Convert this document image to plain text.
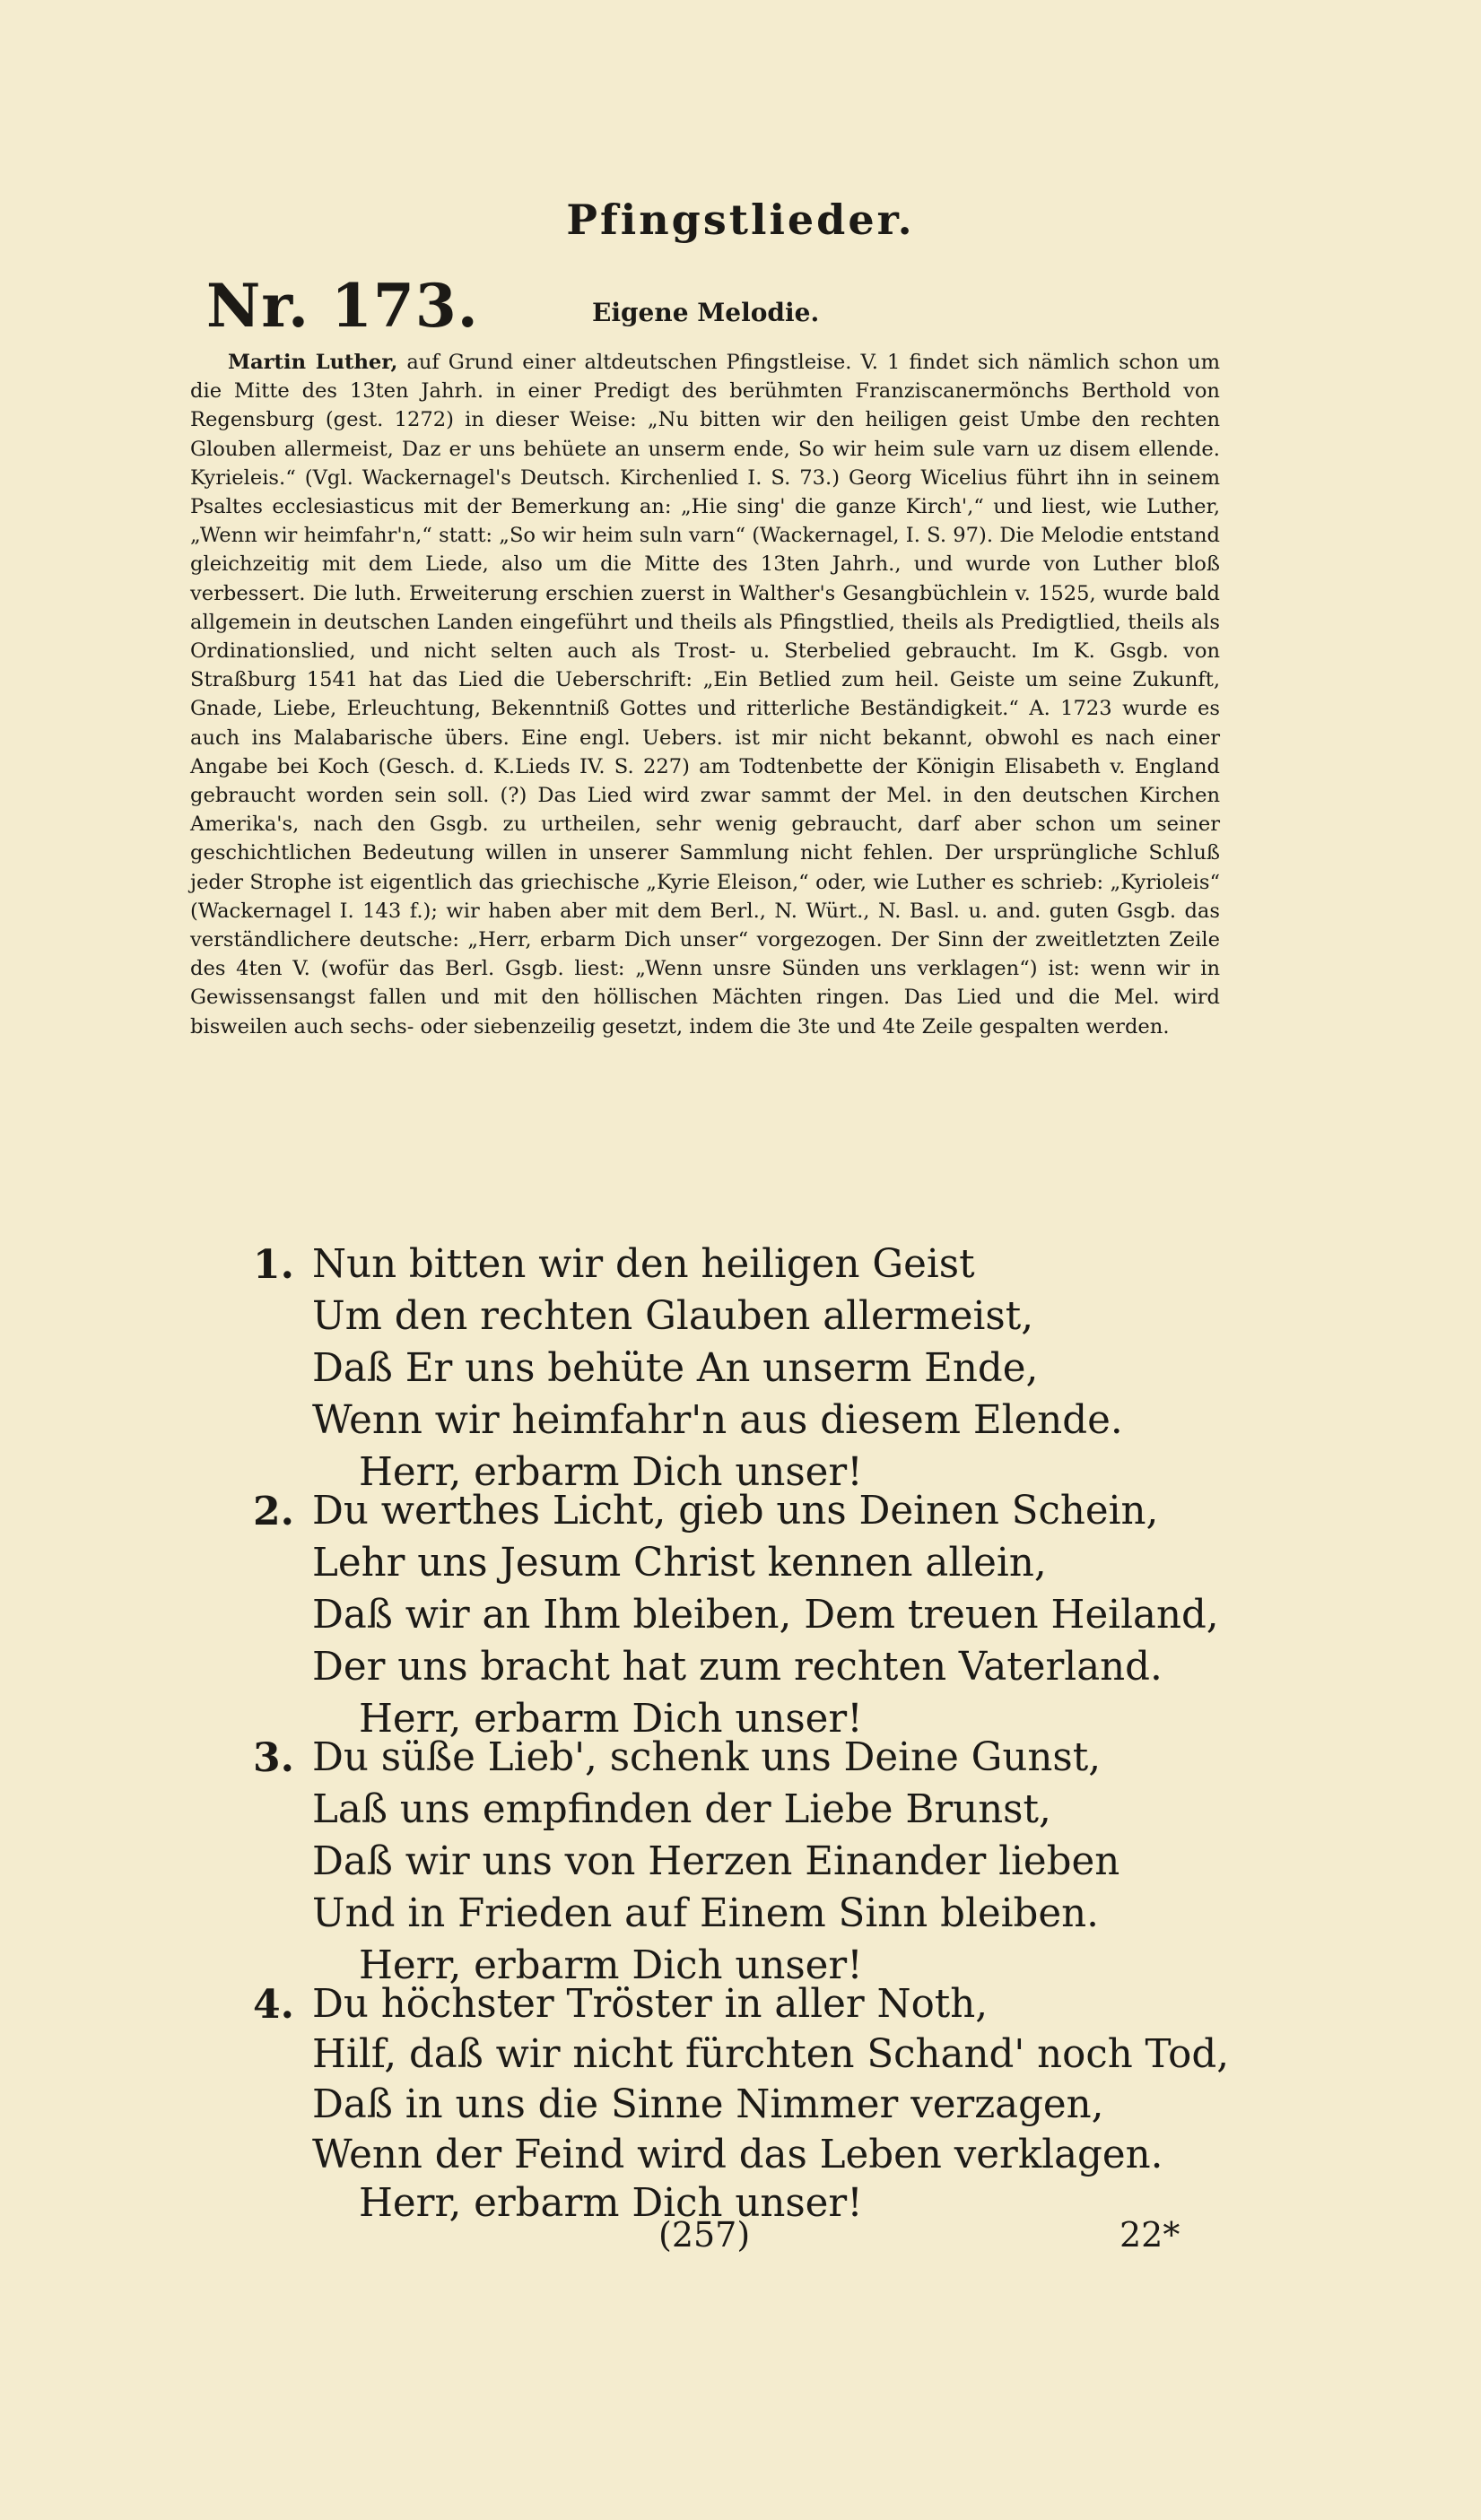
Pfingstlieder.
Nr. 173.	Eigene Melodie.
Martin Luther, auf Grund einer altdeutschen Pfingstleise. V. 1 findet sich nämlich schon um die Mitte des 13ten Jahrh. in einer Predigt des berühmten Franziscanermönchs Berthold von Regensburg (gest. 1272) in dieser Weise: „Nu bitten wir den heiligen geist Umbe den rechten Glouben allermeist, Daz er uns behüete an unserm ende, So wir heim sule varn uz disem ellende. Kyrieleis.“ (Vgl. Wackernagel's Deutsch. Kirchenlied I. S. 73.) Georg Wicelius führt ihn in seinem Psaltes ecclesiasticus mit der Bemerkung an: „Hie sing' die ganze Kirch',“ und liest, wie Luther, „Wenn wir heimfahr'n,“ statt: „So wir heim suln varn“ (Wackernagel, I. S. 97). Die Melodie entstand gleichzeitig mit dem Liede, also um die Mitte des 13ten Jahrh., und wurde von Luther bloß verbessert. Die luth. Erweiterung erschien zuerst in Walther's Gesangbüchlein v. 1525, wurde bald allgemein in deutschen Landen eingeführt und theils als Pfingstlied, theils als Predigtlied, theils als Ordinationslied, und nicht selten auch als Trost- u. Sterbelied gebraucht. Im K. Gsgb. von Straßburg 1541 hat das Lied die Ueberschrift: „Ein Betlied zum heil. Geiste um seine Zukunft, Gnade, Liebe, Erleuchtung, Bekenntniß Gottes und ritterliche Beständigkeit.“ A. 1723 wurde es auch ins Malabarische übers. Eine engl. Uebers. ist mir nicht bekannt, obwohl es nach einer Angabe bei Koch (Gesch. d. K.Lieds IV. S. 227) am Todtenbette der Königin Elisabeth v. England gebraucht worden sein soll. (?) Das Lied wird zwar sammt der Mel. in den deutschen Kirchen Amerika's, nach den Gsgb. zu urtheilen, sehr wenig gebraucht, darf aber schon um seiner geschichtlichen Bedeutung willen in unserer Sammlung nicht fehlen. Der ursprüngliche Schluß jeder Strophe ist eigentlich das griechische „Kyrie Eleison,“ oder, wie Luther es schrieb: „Kyrioleis“ (Wackernagel I. 143 f.); wir haben aber mit dem Berl., N. Würt., N. Basl. u. and. guten Gsgb. das verständlichere deutsche: „Herr, erbarm Dich unser“ vorgezogen. Der Sinn der zweitletzten Zeile des 4ten V. (wofür das Berl. Gsgb. liest: „Wenn unsre Sünden uns verklagen“) ist: wenn wir in Gewissensangst fallen und mit den höllischen Mächten ringen. Das Lied und die Mel. wird bisweilen auch sechs- oder siebenzeilig gesetzt, indem die 3te und 4te Zeile gespalten werden.
1. Nun bitten wir den heiligen Geist
Um den rechten Glauben allermeist,
Daß Er uns behüte An unserm Ende,
Wenn wir heimfahr'n aus diesem Elende.
Herr, erbarm Dich unser!
2. Du werthes Licht, gieb uns Deinen Schein,
Lehr uns Jesum Christ kennen allein,
Daß wir an Ihm bleiben, Dem treuen Heiland,
Der uns bracht hat zum rechten Vaterland.
Herr, erbarm Dich unser!
3. Du süße Lieb', schenk uns Deine Gunst,
Laß uns empfinden der Liebe Brunst,
Daß wir uns von Herzen Einander lieben
Und in Frieden auf Einem Sinn bleiben.
Herr, erbarm Dich unser!
4. Du höchster Tröster in aller Noth,
Hilf, daß wir nicht fürchten Schand' noch Tod,
Daß in uns die Sinne Nimmer verzagen,
Wenn der Feind wird das Leben verklagen.
Herr, erbarm Dich unser!
(257)	22*
